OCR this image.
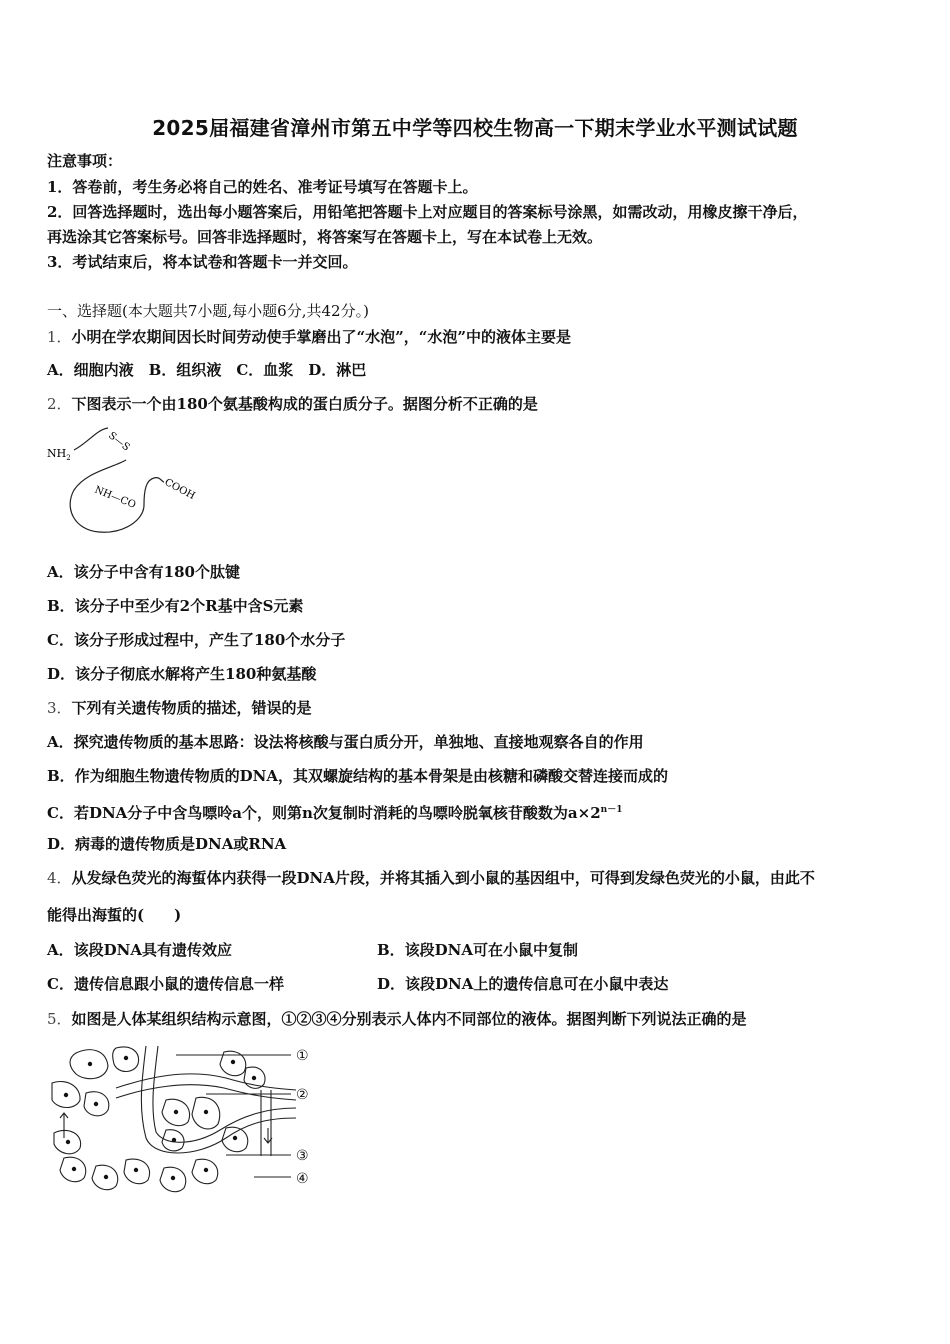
2025届福建省漳州市第五中学等四校生物高一下期末学业水平测试试题
注意事项：
1．答卷前，考生务必将自己的姓名、准考证号填写在答题卡上。
2．回答选择题时，选出每小题答案后，用铅笔把答题卡上对应题目的答案标号涂黑，如需改动，用橡皮擦干净后，
再选涂其它答案标号。回答非选择题时，将答案写在答题卡上，写在本试卷上无效。
3．考试结束后，将本试卷和答题卡一并交回。
一、选择题(本大题共7小题,每小题6分,共42分。)
1．小明在学农期间因长时间劳动使手掌磨出了“水泡”，“水泡”中的液体主要是
A．细胞内液　B．组织液　C．血浆　D．淋巴
2．下图表示一个由180个氨基酸构成的蛋白质分子。据图分析不正确的是
$NH_2$
S—S
NH—CO	COOH
A．该分子中含有180个肽键
B．该分子中至少有2个R基中含S元素
C．该分子形成过程中，产生了180个水分子
D．该分子彻底水解将产生180种氨基酸
3．下列有关遗传物质的描述，错误的是
A．探究遗传物质的基本思路：设法将核酸与蛋白质分开，单独地、直接地观察各自的作用
B．作为细胞生物遗传物质的DNA，其双螺旋结构的基本骨架是由核糖和磷酸交替连接而成的
C．若DNA分子中含鸟嘌呤a个，则第n次复制时消耗的鸟嘌呤脱氧核苷酸数为$a\times 2^{n-1}$
D．病毒的遗传物质是DNA或RNA
4．从发绿色荧光的海蜇体内获得一段DNA片段，并将其插入到小鼠的基因组中，可得到发绿色荧光的小鼠，由此不
能得出海蜇的(　　)
A．该段DNA具有遗传效应	B．该段DNA可在小鼠中复制
C．遗传信息跟小鼠的遗传信息一样	D．该段DNA上的遗传信息可在小鼠中表达
5．如图是人体某组织结构示意图，①②③④分别表示人体内不同部位的液体。据图判断下列说法正确的是
①
②
③
④
